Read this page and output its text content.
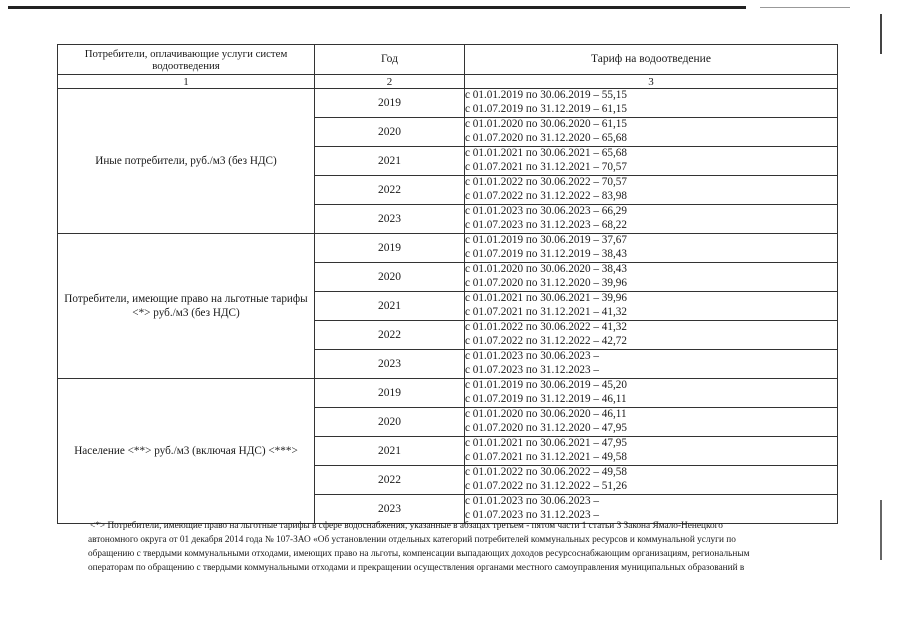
Потребители, оплачивающие услуги систем водоотведения	Год	Тариф на водоотведение
1	2	3
Иные потребители, руб./м3 (без НДС)	2019	с 01.01.2019 по 30.06.2019 – 55,15
с 01.07.2019 по 31.12.2019 – 61,15

	2020	с 01.01.2020 по 30.06.2020 – 61,15
с 01.07.2020 по 31.12.2020 – 65,68

	2021	с 01.01.2021 по 30.06.2021 – 65,68
с 01.07.2021 по 31.12.2021 – 70,57

	2022	с 01.01.2022 по 30.06.2022 – 70,57
с 01.07.2022 по 31.12.2022 – 83,98

	2023	с 01.01.2023 по 30.06.2023 – 66,29
с 01.07.2023 по 31.12.2023 – 68,22

Потребители, имеющие право на льготные тарифы <*> руб./м3 (без НДС)	2019	с 01.01.2019 по 30.06.2019 – 37,67
с 01.07.2019 по 31.12.2019 – 38,43

	2020	с 01.01.2020 по 30.06.2020 – 38,43
с 01.07.2020 по 31.12.2020 – 39,96

	2021	с 01.01.2021 по 30.06.2021 – 39,96
с 01.07.2021 по 31.12.2021 – 41,32

	2022	с 01.01.2022 по 30.06.2022 – 41,32
с 01.07.2022 по 31.12.2022 – 42,72

	2023	с 01.01.2023 по 30.06.2023 –
с 01.07.2023 по 31.12.2023 –

Население <**> руб./м3 (включая НДС) <***>	2019	с 01.01.2019 по 30.06.2019 – 45,20
с 01.07.2019 по 31.12.2019 – 46,11

	2020	с 01.01.2020 по 30.06.2020 – 46,11
с 01.07.2020 по 31.12.2020 – 47,95

	2021	с 01.01.2021 по 30.06.2021 – 47,95
с 01.07.2021 по 31.12.2021 – 49,58

	2022	с 01.01.2022 по 30.06.2022 – 49,58
с 01.07.2022 по 31.12.2022 – 51,26

	2023	с 01.01.2023 по 30.06.2023 –
с 01.07.2023 по 31.12.2023 –
<*> Потребители, имеющие право на льготные тарифы в сфере водоснабжения, указанные в абзацах третьем - пятом части 1 статьи 3 Закона Ямало-Ненецкого
автономного округа от 01 декабря 2014 года № 107-ЗАО «Об установлении отдельных категорий потребителей коммунальных ресурсов и коммунальной услуги по
обращению с твердыми коммунальными отходами, имеющих право на льготы, компенсации выпадающих доходов ресурсоснабжающим организациям, региональным
операторам по обращению с твердыми коммунальными отходами и прекращении осуществления органами местного самоуправления муниципальных образований в
